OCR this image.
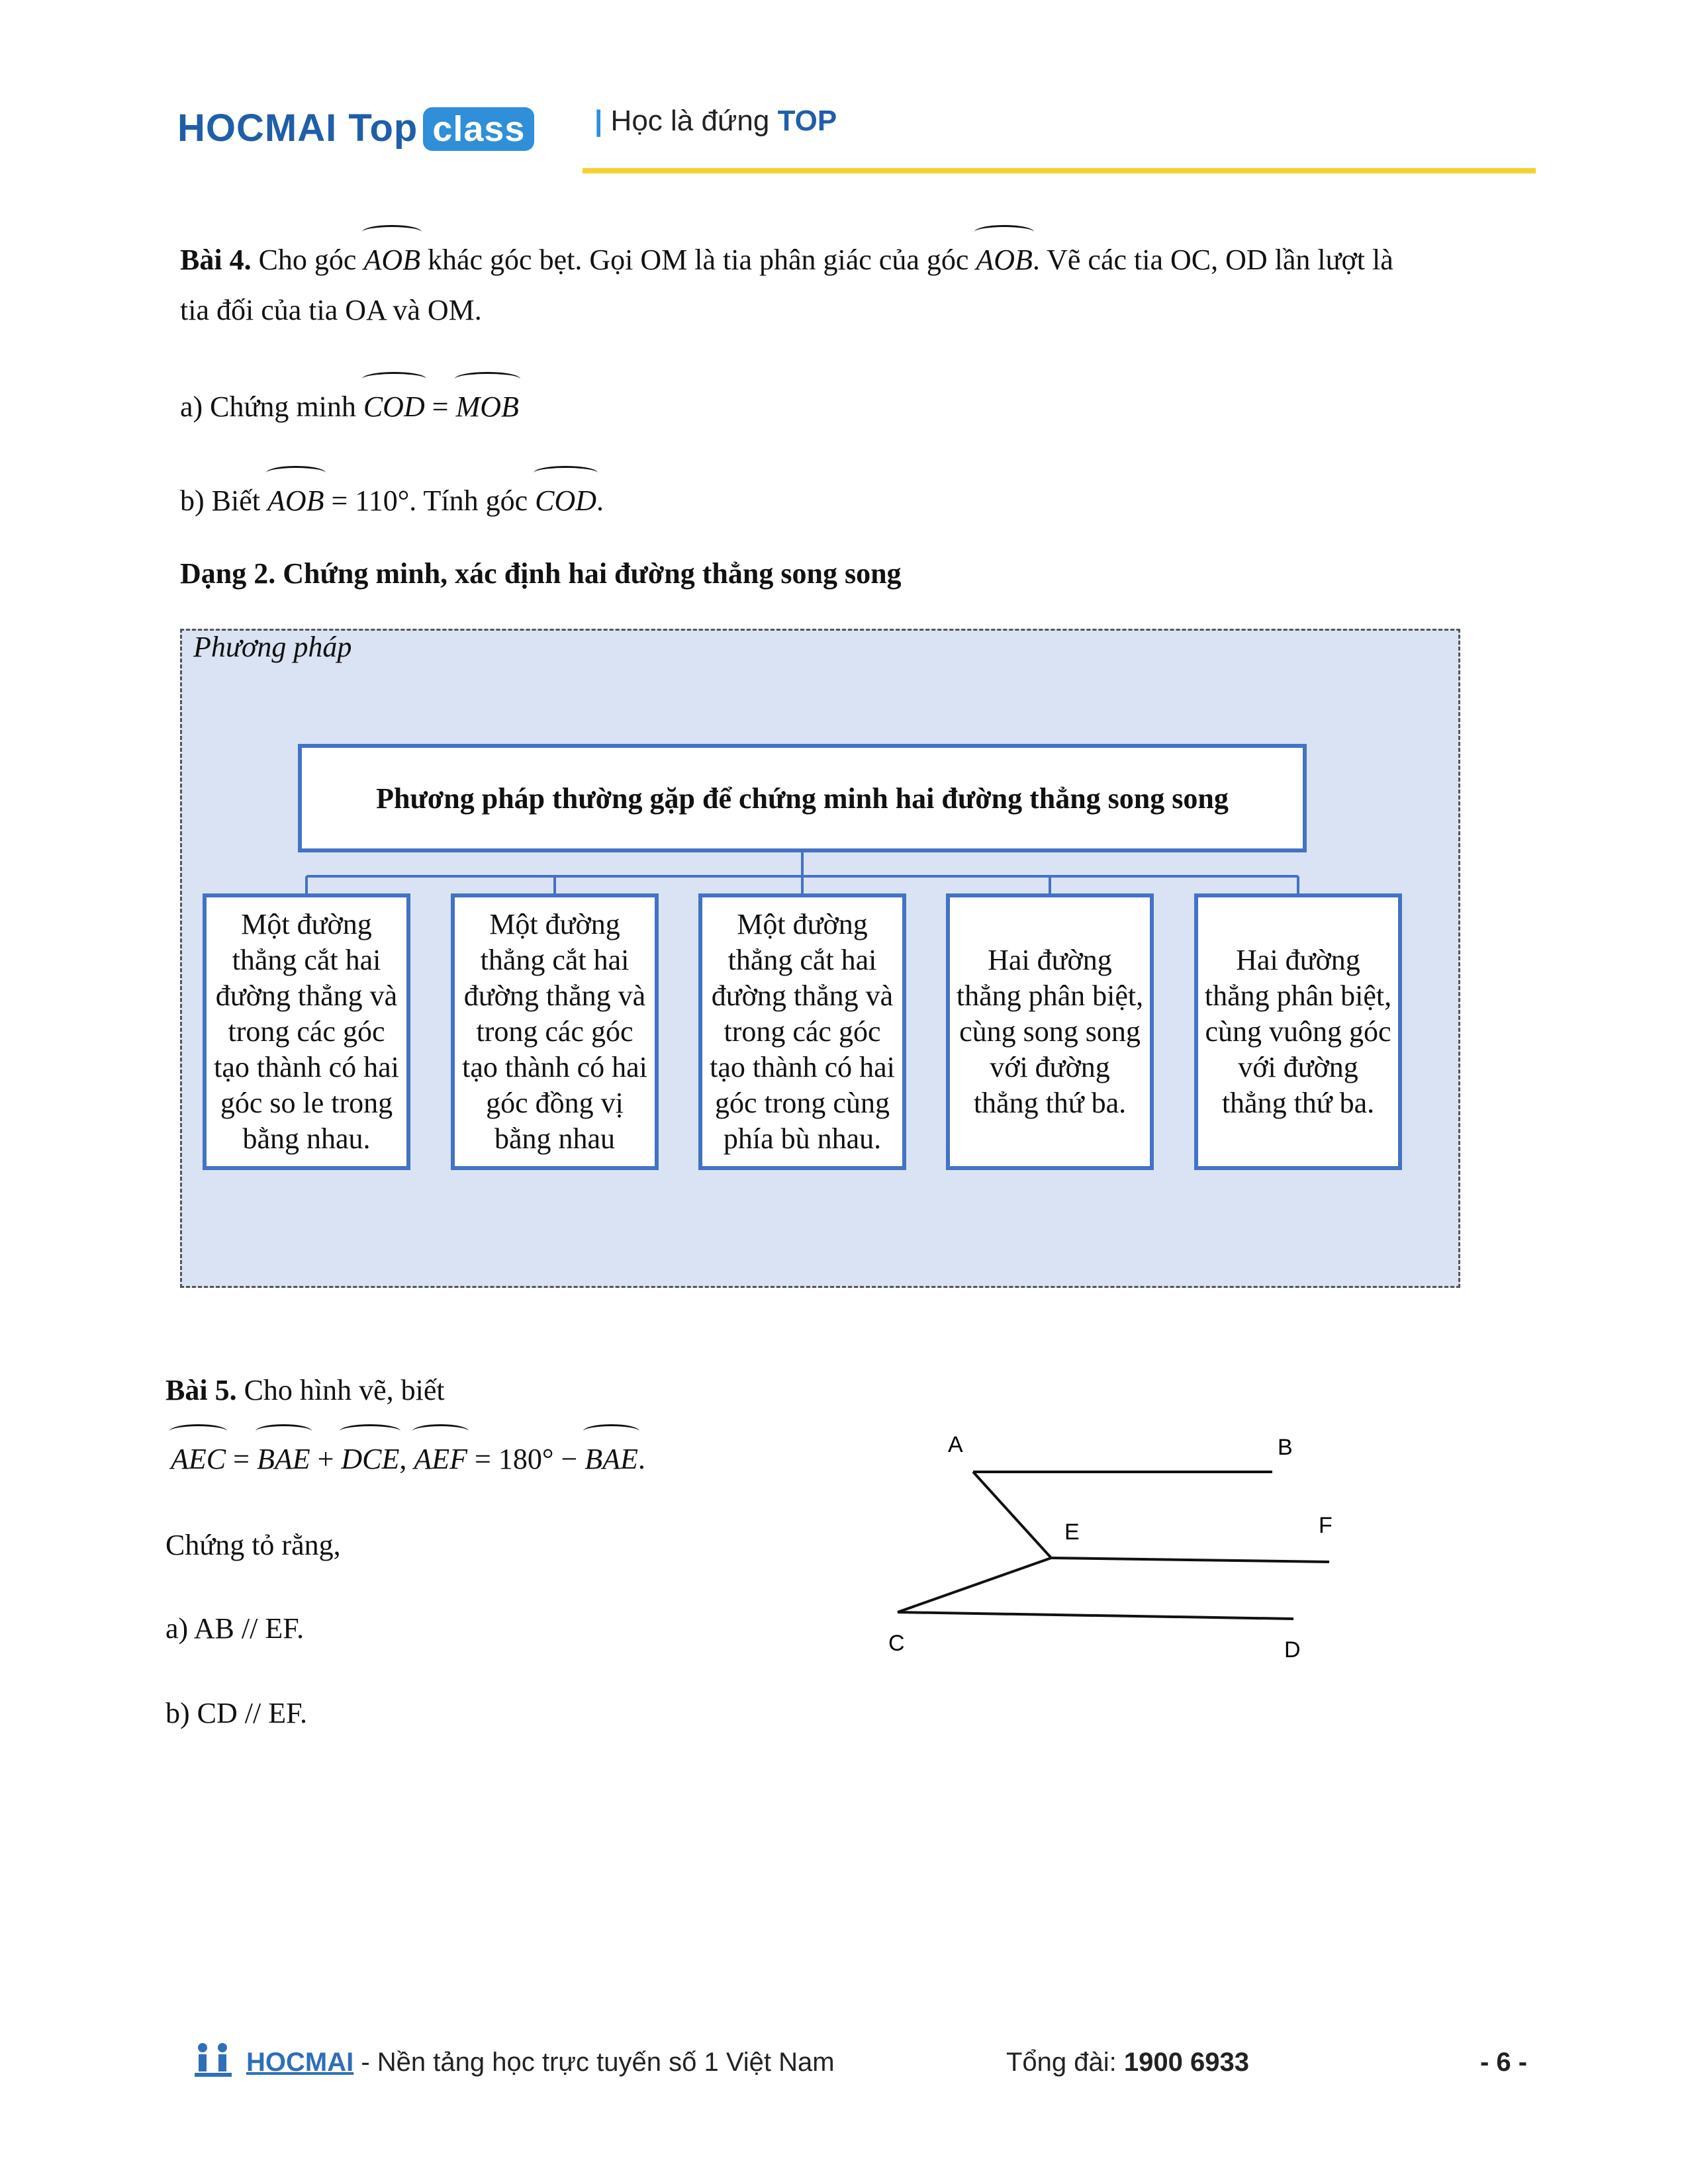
HOCMAI Top class	| Học là đứng TOP
Bài 4. Cho góc AOB khác góc bẹt. Gọi OM là tia phân giác của góc AOB. Vẽ các tia OC, OD lần lượt là
tia đối của tia OA và OM.
a) Chứng minh COD = MOB
b) Biết AOB = 110°. Tính góc COD.
Dạng 2. Chứng minh, xác định hai đường thẳng song song
Phương pháp
Phương pháp thường gặp để chứng minh hai đường thẳng song song
Một đường
thẳng cắt hai
đường thẳng và
trong các góc
tạo thành có hai
góc so le trong
bằng nhau.
Một đường
thẳng cắt hai
đường thẳng và
trong các góc
tạo thành có hai
góc đồng vị
bằng nhau
Một đường
thẳng cắt hai
đường thẳng và
trong các góc
tạo thành có hai
góc trong cùng
phía bù nhau.
Hai đường
thẳng phân biệt,
cùng song song
với đường
thẳng thứ ba.
Hai đường
thẳng phân biệt,
cùng vuông góc
với đường
thẳng thứ ba.
Bài 5. Cho hình vẽ, biết
AEC = BAE + DCE, AEF = 180° − BAE.
Chứng tỏ rằng,
a) AB // EF.
b) CD // EF.
A	B
E	F
C	D
HOCMAI - Nền tảng học trực tuyến số 1 Việt Nam	Tổng đài: 1900 6933	- 6 -
